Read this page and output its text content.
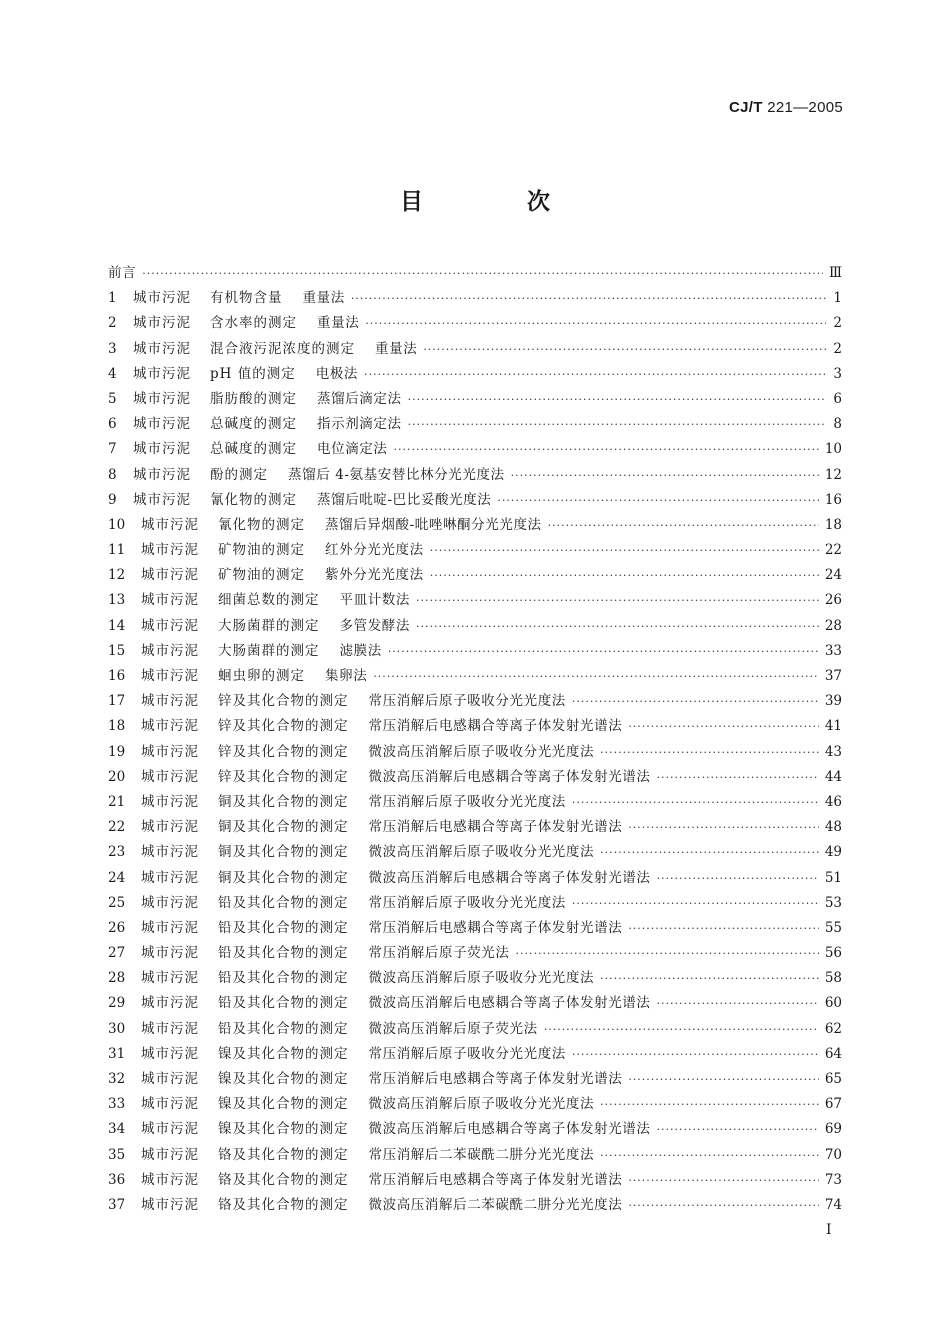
CJ/T 221—2005
目 次
前言 ·····	Ⅲ
1	城市污泥	有机物含量	重量法 ·····	1
2	城市污泥	含水率的测定	重量法 ·····	2
3	城市污泥	混合液污泥浓度的测定	重量法 ·····	2
4	城市污泥	pH 值的测定	电极法 ·····	3
5	城市污泥	脂肪酸的测定	蒸馏后滴定法 ·····	6
6	城市污泥	总碱度的测定	指示剂滴定法 ·····	8
7	城市污泥	总碱度的测定	电位滴定法 ·····	10
8	城市污泥	酚的测定	蒸馏后 4-氨基安替比林分光光度法 ·····	12
9	城市污泥	氰化物的测定	蒸馏后吡啶-巴比妥酸光度法 ·····	16
10	城市污泥	氰化物的测定	蒸馏后异烟酸-吡唑啉酮分光光度法 ·····	18
11	城市污泥	矿物油的测定	红外分光光度法 ·····	22
12	城市污泥	矿物油的测定	紫外分光光度法 ·····	24
13	城市污泥	细菌总数的测定	平皿计数法 ·····	26
14	城市污泥	大肠菌群的测定	多管发酵法 ·····	28
15	城市污泥	大肠菌群的测定	滤膜法 ·····	33
16	城市污泥	蛔虫卵的测定	集卵法 ·····	37
17	城市污泥	锌及其化合物的测定	常压消解后原子吸收分光光度法 ·····	39
18	城市污泥	锌及其化合物的测定	常压消解后电感耦合等离子体发射光谱法 ·····	41
19	城市污泥	锌及其化合物的测定	微波高压消解后原子吸收分光光度法 ·····	43
20	城市污泥	锌及其化合物的测定	微波高压消解后电感耦合等离子体发射光谱法 ·····	44
21	城市污泥	铜及其化合物的测定	常压消解后原子吸收分光光度法 ·····	46
22	城市污泥	铜及其化合物的测定	常压消解后电感耦合等离子体发射光谱法 ·····	48
23	城市污泥	铜及其化合物的测定	微波高压消解后原子吸收分光光度法 ·····	49
24	城市污泥	铜及其化合物的测定	微波高压消解后电感耦合等离子体发射光谱法 ·····	51
25	城市污泥	铅及其化合物的测定	常压消解后原子吸收分光光度法 ·····	53
26	城市污泥	铅及其化合物的测定	常压消解后电感耦合等离子体发射光谱法 ·····	55
27	城市污泥	铅及其化合物的测定	常压消解后原子荧光法 ·····	56
28	城市污泥	铅及其化合物的测定	微波高压消解后原子吸收分光光度法 ·····	58
29	城市污泥	铅及其化合物的测定	微波高压消解后电感耦合等离子体发射光谱法 ·····	60
30	城市污泥	铅及其化合物的测定	微波高压消解后原子荧光法 ·····	62
31	城市污泥	镍及其化合物的测定	常压消解后原子吸收分光光度法 ·····	64
32	城市污泥	镍及其化合物的测定	常压消解后电感耦合等离子体发射光谱法 ·····	65
33	城市污泥	镍及其化合物的测定	微波高压消解后原子吸收分光光度法 ·····	67
34	城市污泥	镍及其化合物的测定	微波高压消解后电感耦合等离子体发射光谱法 ·····	69
35	城市污泥	铬及其化合物的测定	常压消解后二苯碳酰二肼分光光度法 ·····	70
36	城市污泥	铬及其化合物的测定	常压消解后电感耦合等离子体发射光谱法 ·····	73
37	城市污泥	铬及其化合物的测定	微波高压消解后二苯碳酰二肼分光光度法 ·····	74
I
